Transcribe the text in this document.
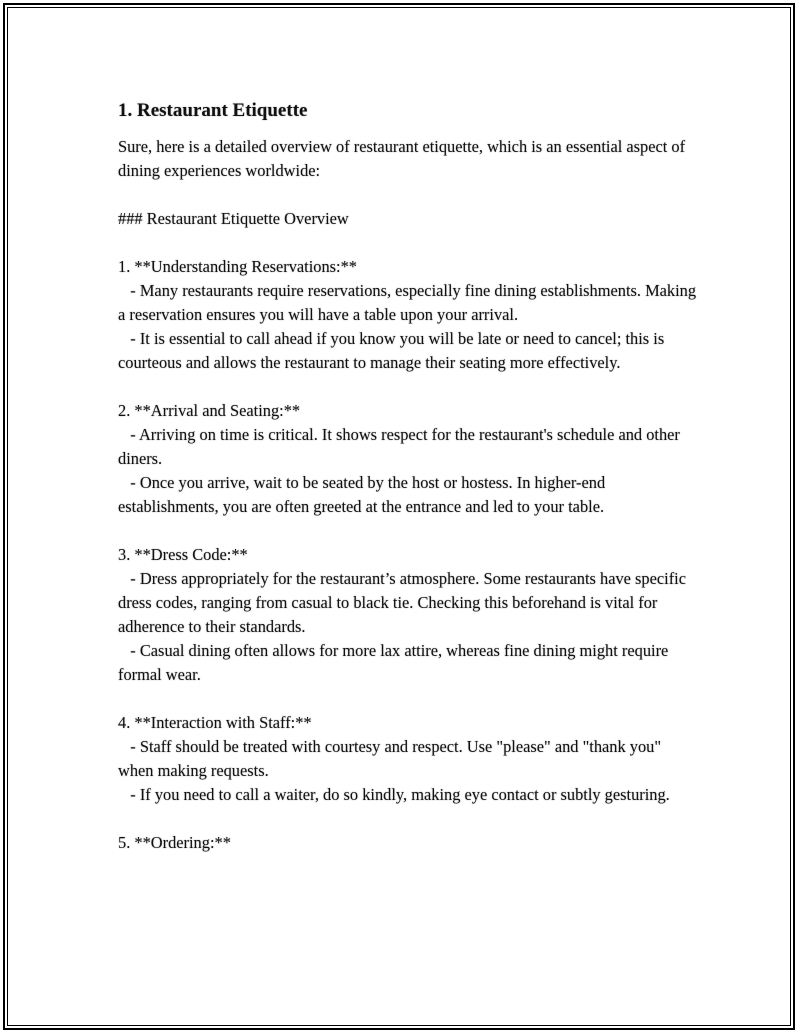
1. Restaurant Etiquette

Sure, here is a detailed overview of restaurant etiquette, which is an essential aspect of dining experiences worldwide:

### Restaurant Etiquette Overview

1. **Understanding Reservations:**

- Many restaurants require reservations, especially fine dining establishments. Making a reservation ensures you will have a table upon your arrival.

- It is essential to call ahead if you know you will be late or need to cancel; this is courteous and allows the restaurant to manage their seating more effectively.

2. **Arrival and Seating:**

- Arriving on time is critical. It shows respect for the restaurant's schedule and other diners.

- Once you arrive, wait to be seated by the host or hostess. In higher-end establishments, you are often greeted at the entrance and led to your table.

3. **Dress Code:**

- Dress appropriately for the restaurant’s atmosphere. Some restaurants have specific dress codes, ranging from casual to black tie. Checking this beforehand is vital for adherence to their standards.

- Casual dining often allows for more lax attire, whereas fine dining might require formal wear.

4. **Interaction with Staff:**

- Staff should be treated with courtesy and respect. Use "please" and "thank you" when making requests.

- If you need to call a waiter, do so kindly, making eye contact or subtly gesturing.

5. **Ordering:**
